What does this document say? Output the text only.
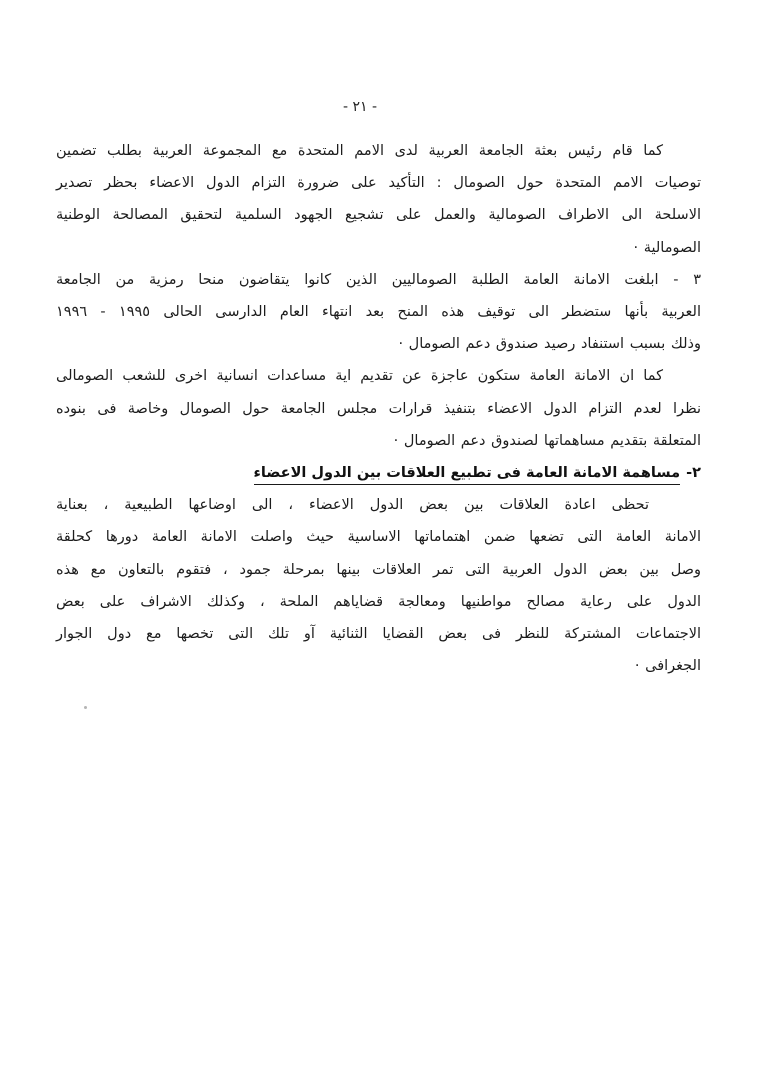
- ٢١ -
كما قام رئيس بعثة الجامعة العربية لدى الامم المتحدة مع المجموعة العربية بطلب تضمين
توصيات الامم المتحدة حول الصومال : التأكيد على ضرورة التزام الدول الاعضاء بحظر تصدير
الاسلحة الى الاطراف الصومالية والعمل على تشجيع الجهود السلمية لتحقيق المصالحة الوطنية
الصومالية ·
٣ - ابلغت الامانة العامة الطلبة الصوماليين الذين كانوا يتقاضون منحا رمزية من الجامعة
العربية بأنها ستضطر الى توقيف هذه المنح بعد انتهاء العام الدارسى الحالى ١٩٩٥ - ١٩٩٦
وذلك بسبب استنفاد رصيد صندوق دعم الصومال ·
كما ان الامانة العامة ستكون عاجزة عن تقديم اية مساعدات انسانية اخرى للشعب الصومالى
نظرا لعدم التزام الدول الاعضاء بتنفيذ قرارات مجلس الجامعة حول الصومال وخاصة فى بنوده
المتعلقة بتقديم مساهماتها لصندوق دعم الصومال ·
٢-مساهمة الامانة العامة فى تطبيع العلاقات بين الدول الاعضاء
تحظى اعادة العلاقات بين بعض الدول الاعضاء ، الى اوضاعها الطبيعية ، بعناية
الامانة العامة التى تضعها ضمن اهتماماتها الاساسية حيث واصلت الامانة العامة دورها كحلقة
وصل بين بعض الدول العربية التى تمر العلاقات بينها بمرحلة جمود ، فتقوم بالتعاون مع هذه
الدول على رعاية مصالح مواطنيها ومعالجة قضاياهم الملحة ، وكذلك الاشراف على بعض
الاجتماعات المشتركة للنظر فى بعض القضايا الثنائية آو تلك التى تخصها مع دول الجوار
الجغرافى ·
